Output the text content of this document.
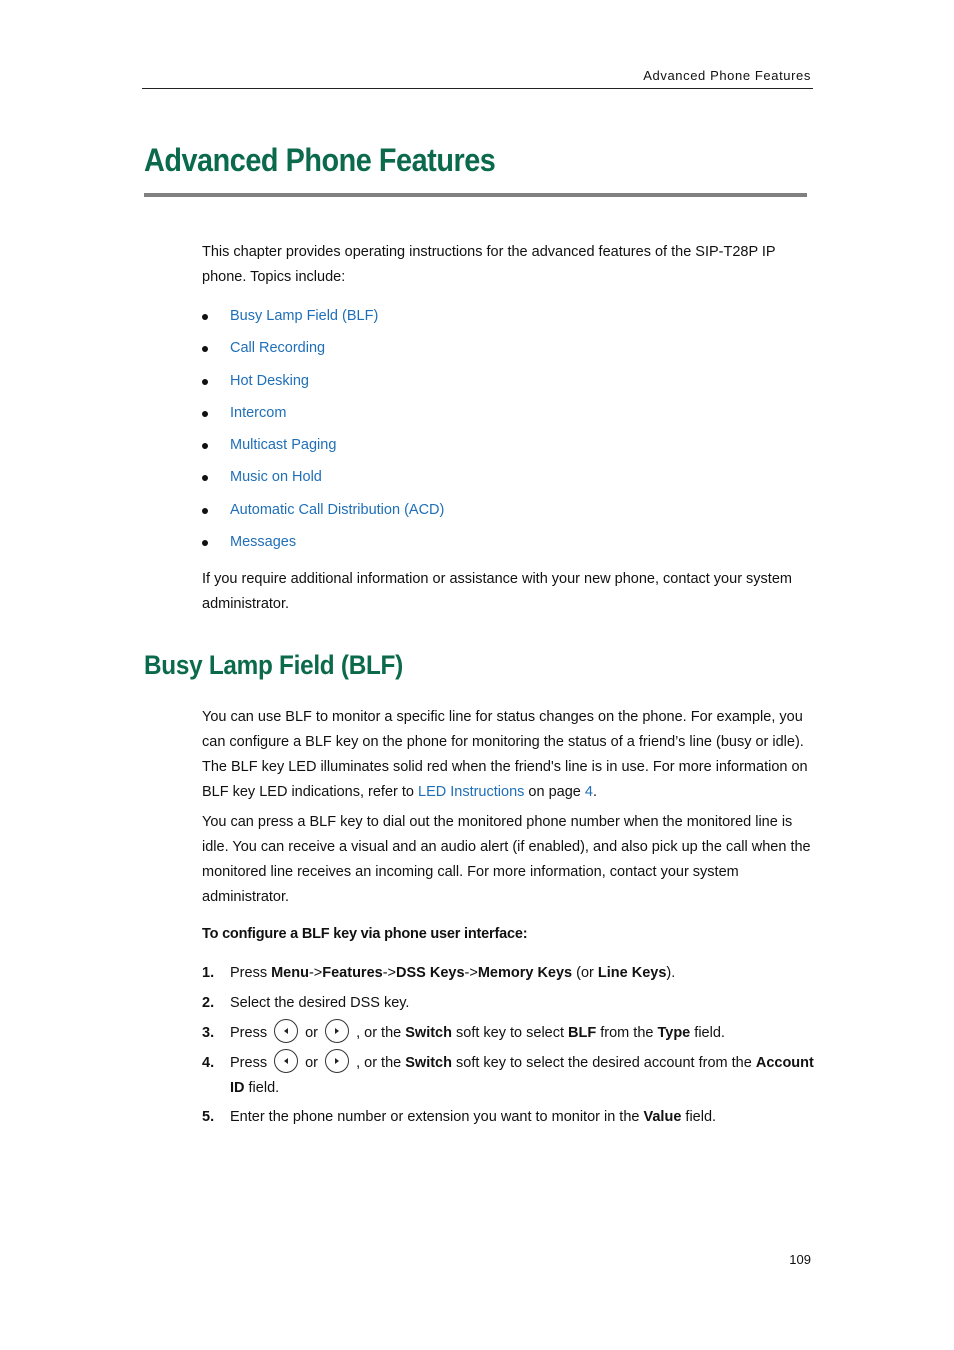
Advanced Phone Features
Advanced Phone Features
This chapter provides operating instructions for the advanced features of the SIP-T28P IP phone. Topics include:
Busy Lamp Field (BLF)
Call Recording
Hot Desking
Intercom
Multicast Paging
Music on Hold
Automatic Call Distribution (ACD)
Messages
If you require additional information or assistance with your new phone, contact your system administrator.
Busy Lamp Field (BLF)
You can use BLF to monitor a specific line for status changes on the phone. For example, you can configure a BLF key on the phone for monitoring the status of a friend’s line (busy or idle). The BLF key LED illuminates solid red when the friend's line is in use. For more information on BLF key LED indications, refer to LED Instructions on page 4.
You can press a BLF key to dial out the monitored phone number when the monitored line is idle. You can receive a visual and an audio alert (if enabled), and also pick up the call when the monitored line receives an incoming call. For more information, contact your system administrator.
To configure a BLF key via phone user interface:
1. Press Menu->Features->DSS Keys->Memory Keys (or Line Keys).
2. Select the desired DSS key.
3. Press
or
, or the Switch soft key to select BLF from the Type field.
4. Press
or
, or the Switch soft key to select the desired account from the Account ID field.
5. Enter the phone number or extension you want to monitor in the Value field.
109
